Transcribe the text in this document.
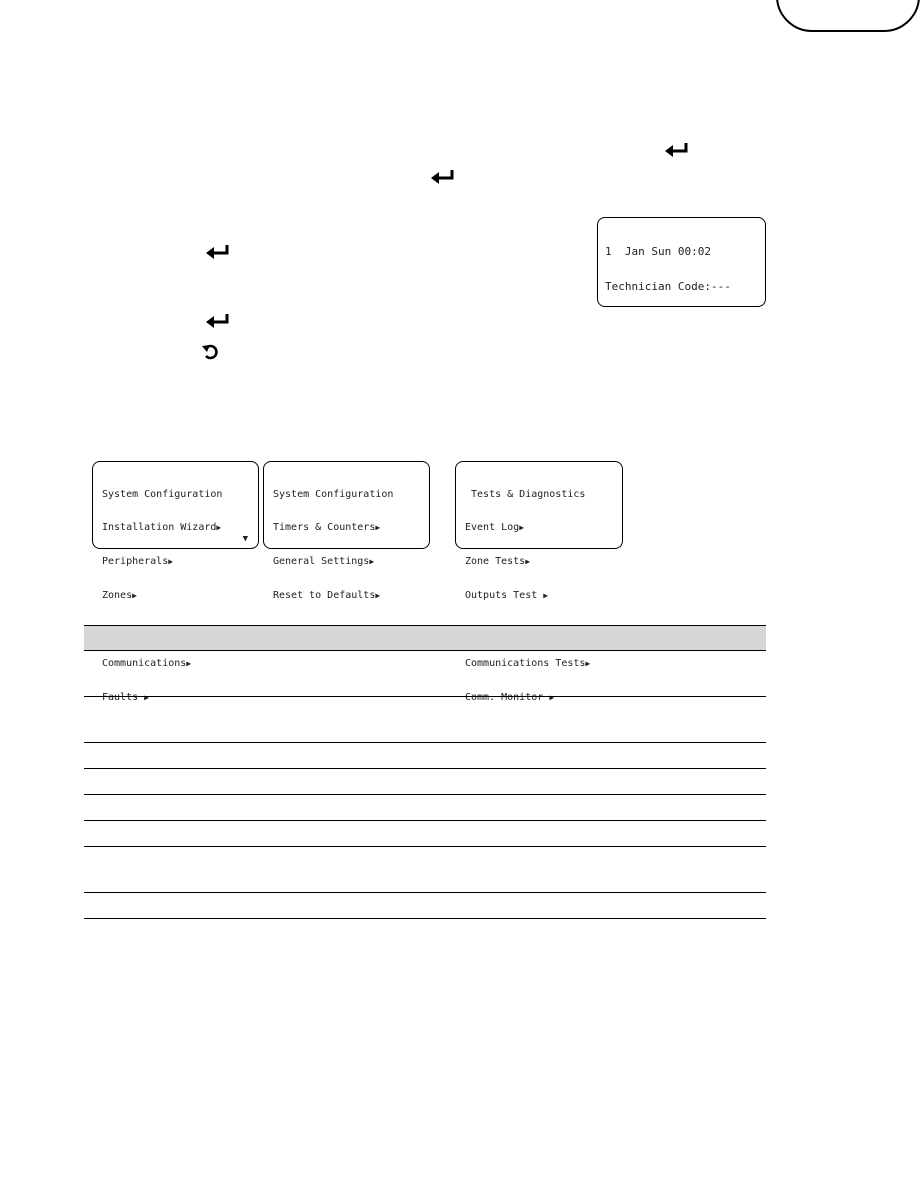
1  Jan Sun 00:02

Technician Code:---

System Configuration

Installation Wizard▶

Peripherals▶

Zones▶

Communications▶

Faults ▶

▼

System Configuration

Timers & Counters▶

General Settings▶

Reset to Defaults▶

Tests & Diagnostics

Event Log▶

Zone Tests▶

Outputs Test ▶

Communications Tests▶

Comm. Monitor ▶
